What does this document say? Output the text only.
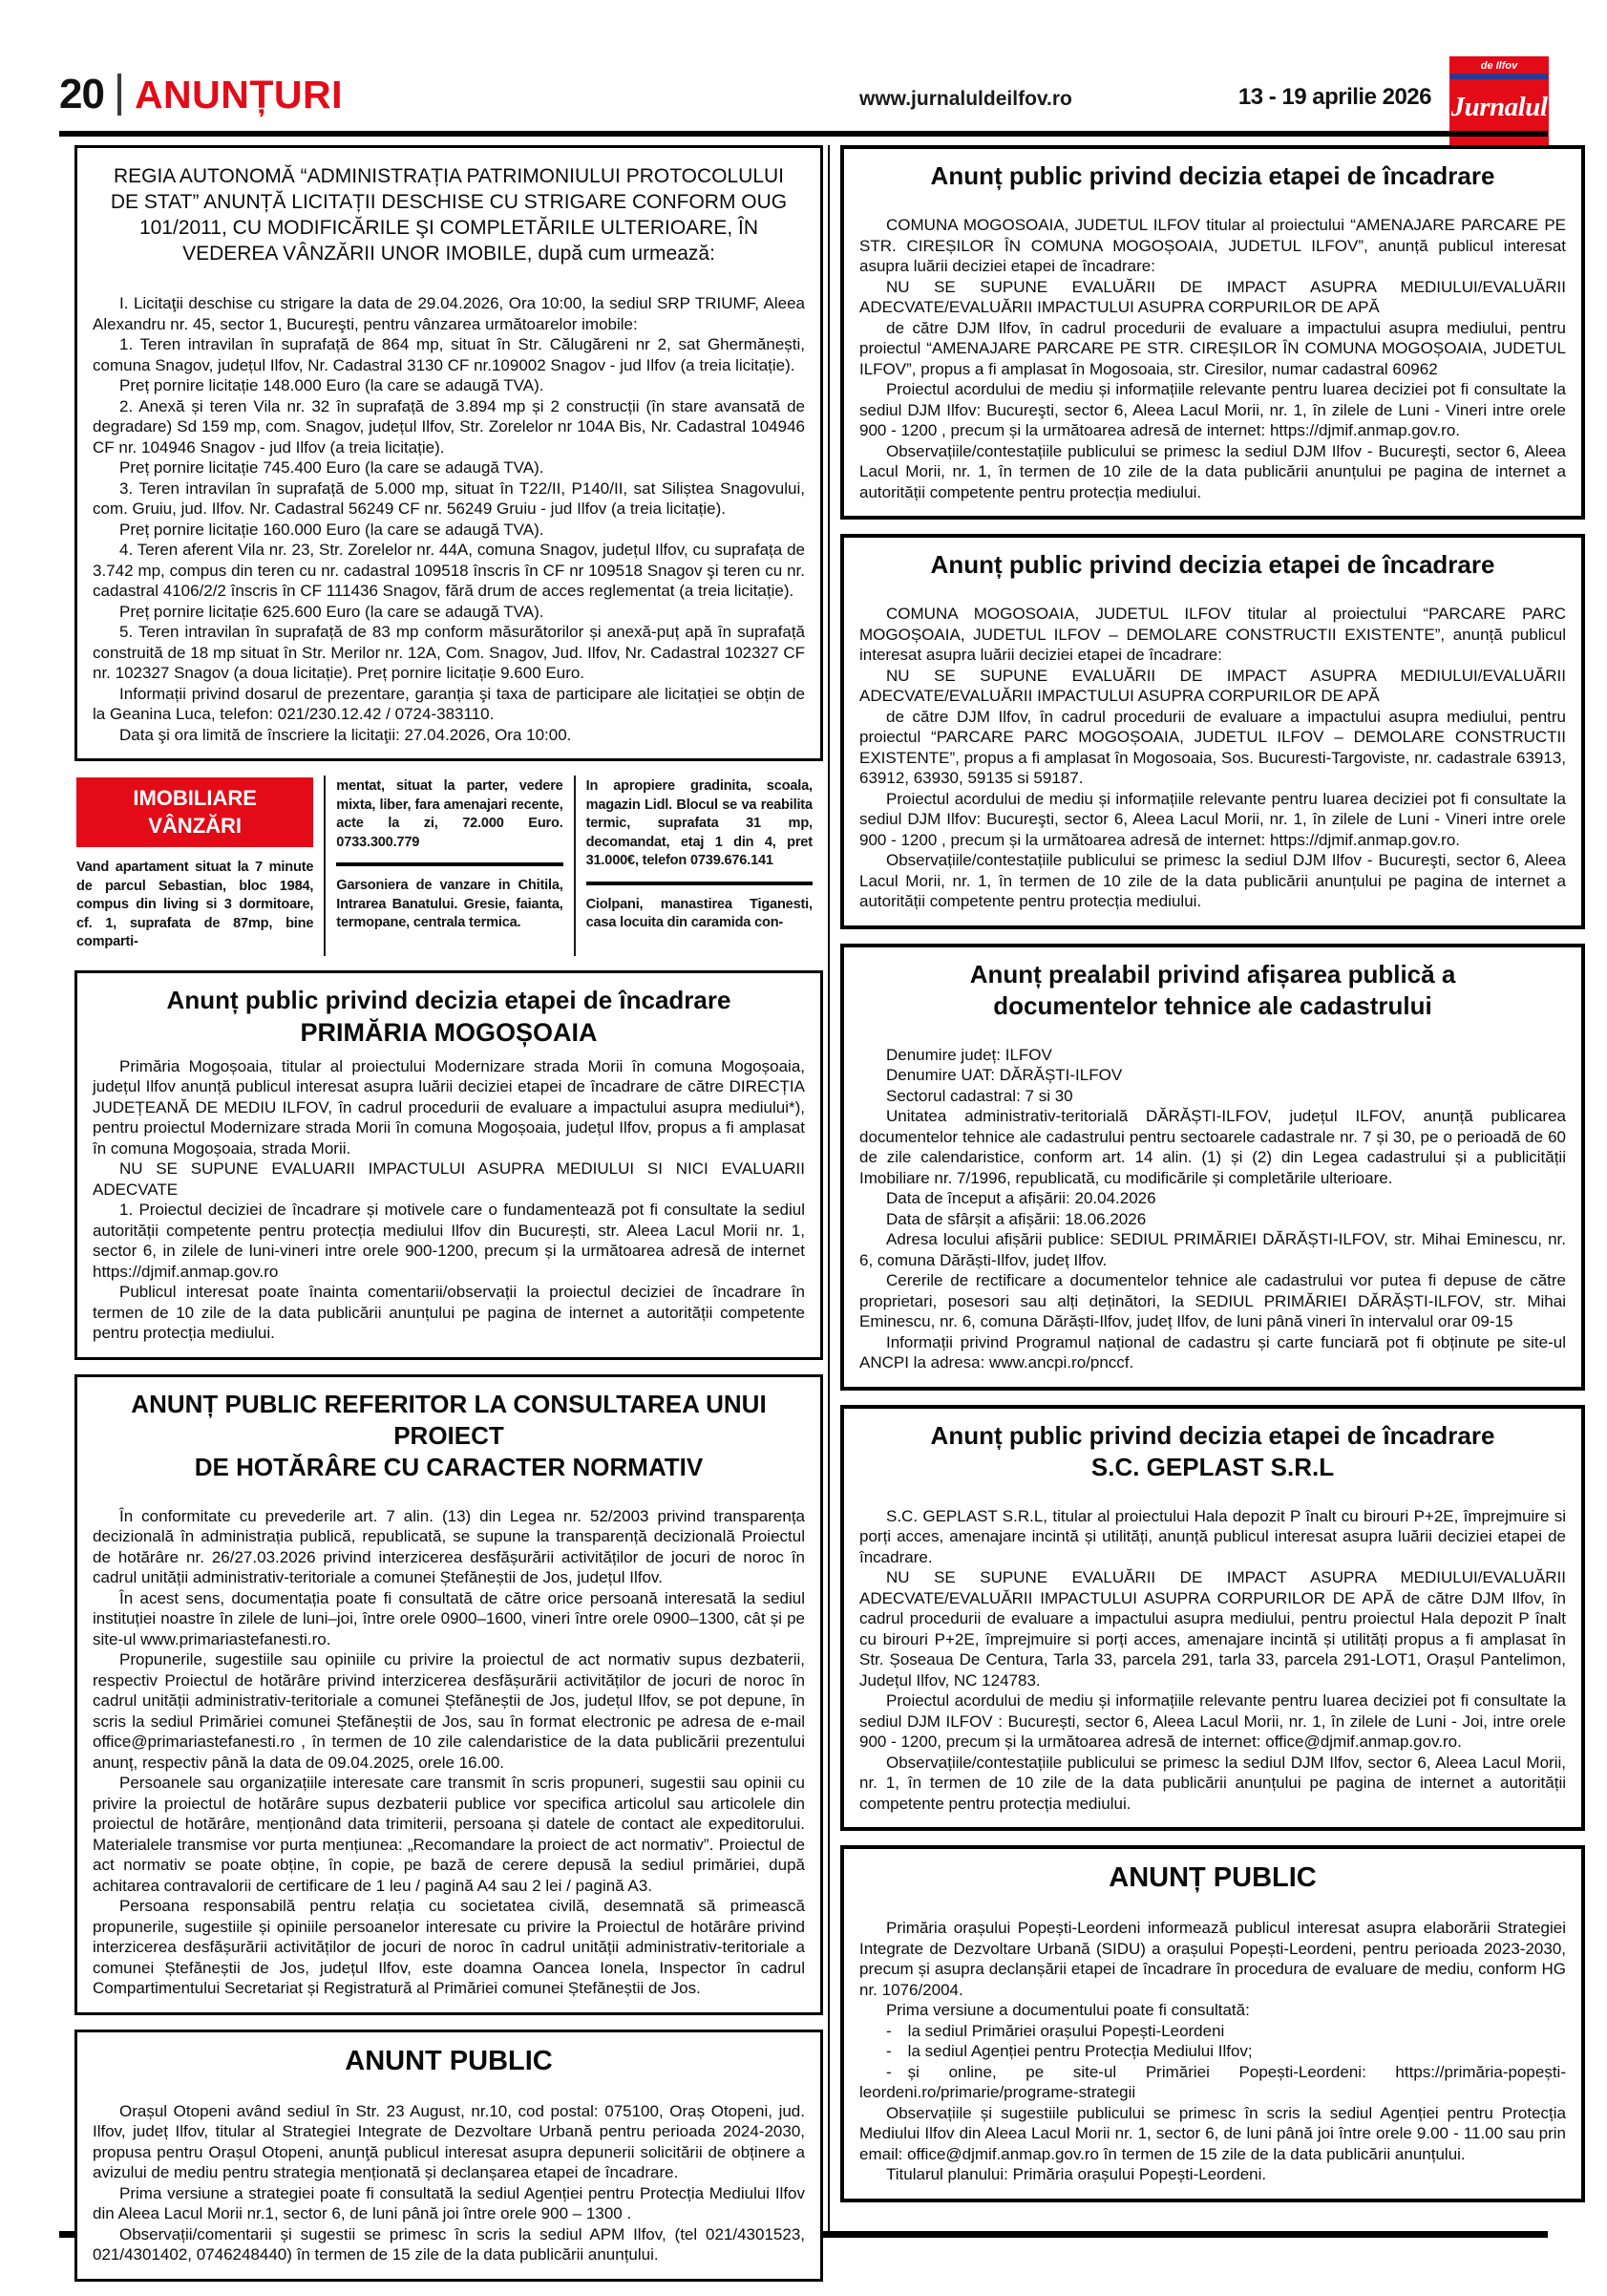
20 ANUNȚURI	www.jurnaluldeilfov.ro	13 - 19 aprilie 2026
de Ilfov
Jurnalul

REGIA AUTONOMĂ “ADMINISTRAȚIA PATRIMONIULUI PROTOCOLULUI DE STAT” ANUNȚĂ LICITAȚII DESCHISE CU STRIGARE CONFORM OUG 101/2011, CU MODIFICĂRILE ŞI COMPLETĂRILE ULTERIOARE, ÎN VEDEREA VÂNZĂRII UNOR IMOBILE, după cum urmează:

I. Licitaţii deschise cu strigare la data de 29.04.2026, Ora 10:00, la sediul SRP TRIUMF, Aleea Alexandru nr. 45, sector 1, Bucureşti, pentru vânzarea următoarelor imobile:

1. Teren intravilan în suprafață de 864 mp, situat în Str. Călugăreni nr 2, sat Ghermănești, comuna Snagov, județul Ilfov, Nr. Cadastral 3130 CF nr.109002 Snagov - jud Ilfov (a treia licitație).

Preț pornire licitație 148.000 Euro (la care se adaugă TVA).

2. Anexă și teren Vila nr. 32 în suprafață de 3.894 mp și 2 construcții (în stare avansată de degradare) Sd 159 mp, com. Snagov, județul Ilfov, Str. Zorelelor nr 104A Bis, Nr. Cadastral 104946 CF nr. 104946 Snagov - jud Ilfov (a treia licitație).

Preț pornire licitație 745.400 Euro (la care se adaugă TVA).

3. Teren intravilan în suprafață de 5.000 mp, situat în T22/II, P140/II, sat Siliștea Snagovului, com. Gruiu, jud. Ilfov. Nr. Cadastral 56249 CF nr. 56249 Gruiu - jud Ilfov (a treia licitație).

Preț pornire licitație 160.000 Euro (la care se adaugă TVA).

4. Teren aferent Vila nr. 23, Str. Zorelelor nr. 44A, comuna Snagov, județul Ilfov, cu suprafața de 3.742 mp, compus din teren cu nr. cadastral 109518 înscris în CF nr 109518 Snagov şi teren cu nr. cadastral 4106/2/2 înscris în CF 111436 Snagov, fără drum de acces reglementat (a treia licitație).

Preț pornire licitație 625.600 Euro (la care se adaugă TVA).

5. Teren intravilan în suprafață de 83 mp conform măsurătorilor și anexă-puț apă în suprafață construită de 18 mp situat în Str. Merilor nr. 12A, Com. Snagov, Jud. Ilfov, Nr. Cadastral 102327 CF nr. 102327 Snagov (a doua licitație). Preț pornire licitație 9.600 Euro.

Informații privind dosarul de prezentare, garanția şi taxa de participare ale licitației se obțin de la Geanina Luca, telefon: 021/230.12.42 / 0724-383110.

Data şi ora limită de înscriere la licitaţii: 27.04.2026, Ora 10:00.

IMOBILIARE
VÂNZĂRI

Vand apartament situat la 7 minute de parcul Sebastian, bloc 1984, compus din living si 3 dormitoare, cf. 1, suprafata de 87mp, bine comparti-

mentat, situat la parter, vedere mixta, liber, fara amenajari recente, acte la zi, 72.000 Euro. 0733.300.779

Garsoniera de vanzare in Chitila, Intrarea Banatului. Gresie, faianta, termopane, centrala termica.

In apropiere gradinita, scoala, magazin Lidl. Blocul se va reabilita termic, suprafata 31 mp, decomandat, etaj 1 din 4, pret 31.000€, telefon 0739.676.141

Ciolpani, manastirea Tiganesti, casa locuita din caramida con-

Anunț public privind decizia etapei de încadrare
PRIMĂRIA MOGOȘOAIA

Primăria Mogoșoaia, titular al proiectului Modernizare strada Morii în comuna Mogoșoaia, județul Ilfov anunță publicul interesat asupra luării deciziei etapei de încadrare de către DIRECȚIA JUDEȚEANĂ DE MEDIU ILFOV, în cadrul procedurii de evaluare a impactului asupra mediului*), pentru proiectul Modernizare strada Morii în comuna Mogoșoaia, județul Ilfov, propus a fi amplasat în comuna Mogoșoaia, strada Morii.

NU SE SUPUNE EVALUARII IMPACTULUI ASUPRA MEDIULUI SI NICI EVALUARII ADECVATE

1. Proiectul deciziei de încadrare și motivele care o fundamentează pot fi consultate la sediul autorității competente pentru protecția mediului Ilfov din București, str. Aleea Lacul Morii nr. 1, sector 6, in zilele de luni-vineri intre orele 900-1200, precum și la următoarea adresă de internet https://djmif.anmap.gov.ro

Publicul interesat poate înainta comentarii/observații la proiectul deciziei de încadrare în termen de 10 zile de la data publicării anunțului pe pagina de internet a autorității competente pentru protecția mediului.

ANUNȚ PUBLIC REFERITOR LA CONSULTAREA UNUI PROIECT
DE HOTĂRÂRE CU CARACTER NORMATIV

În conformitate cu prevederile art. 7 alin. (13) din Legea nr. 52/2003 privind transparența decizională în administrația publică, republicată, se supune la transparență decizională Proiectul de hotărâre nr. 26/27.03.2026 privind interzicerea desfășurării activităților de jocuri de noroc în cadrul unității administrativ-teritoriale a comunei Ștefăneștii de Jos, județul Ilfov.

În acest sens, documentația poate fi consultată de către orice persoană interesată la sediul instituției noastre în zilele de luni–joi, între orele 0900–1600, vineri între orele 0900–1300, cât și pe site-ul www.primariastefanesti.ro.

Propunerile, sugestiile sau opiniile cu privire la proiectul de act normativ supus dezbaterii, respectiv Proiectul de hotărâre privind interzicerea desfășurării activităților de jocuri de noroc în cadrul unității administrativ-teritoriale a comunei Ștefăneștii de Jos, județul Ilfov, se pot depune, în scris la sediul Primăriei comunei Ștefăneștii de Jos, sau în format electronic pe adresa de e-mail office@primariastefanesti.ro , în termen de 10 zile calendaristice de la data publicării prezentului anunț, respectiv până la data de 09.04.2025, orele 16.00.

Persoanele sau organizațiile interesate care transmit în scris propuneri, sugestii sau opinii cu privire la proiectul de hotărâre supus dezbaterii publice vor specifica articolul sau articolele din proiectul de hotărâre, menționând data trimiterii, persoana și datele de contact ale expeditorului. Materialele transmise vor purta mențiunea: „Recomandare la proiect de act normativ”. Proiectul de act normativ se poate obține, în copie, pe bază de cerere depusă la sediul primăriei, după achitarea contravalorii de certificare de 1 leu / pagină A4 sau 2 lei / pagină A3.

Persoana responsabilă pentru relația cu societatea civilă, desemnată să primească propunerile, sugestiile și opiniile persoanelor interesate cu privire la Proiectul de hotărâre privind interzicerea desfășurării activităților de jocuri de noroc în cadrul unității administrativ-teritoriale a comunei Ștefăneștii de Jos, județul Ilfov, este doamna Oancea Ionela, Inspector în cadrul Compartimentului Secretariat și Registratură al Primăriei comunei Ștefăneștii de Jos.

ANUNT PUBLIC

Orașul Otopeni având sediul în Str. 23 August, nr.10, cod postal: 075100, Oraș Otopeni, jud. Ilfov, județ Ilfov, titular al Strategiei Integrate de Dezvoltare Urbană pentru perioada 2024-2030, propusa pentru Orașul Otopeni, anunţă publicul interesat asupra depunerii solicitării de obținere a avizului de mediu pentru strategia menționată și declanșarea etapei de încadrare.

Prima versiune a strategiei poate fi consultată la sediul Agenției pentru Protecția Mediului Ilfov din Aleea Lacul Morii nr.1, sector 6, de luni până joi între orele 900 – 1300 .

Observații/comentarii și sugestii se primesc în scris la sediul APM Ilfov, (tel 021/4301523, 021/4301402, 0746248440) în termen de 15 zile de la data publicării anunțului.

Anunț public privind decizia etapei de încadrare

COMUNA MOGOSOAIA, JUDETUL ILFOV titular al proiectului “AMENAJARE PARCARE PE STR. CIREȘILOR ÎN COMUNA MOGOȘOAIA, JUDETUL ILFOV”, anunță publicul interesat asupra luării deciziei etapei de încadrare:

NU SE SUPUNE EVALUĂRII DE IMPACT ASUPRA MEDIULUI/EVALUĂRII ADECVATE/EVALUĂRII IMPACTULUI ASUPRA CORPURILOR DE APĂ

de către DJM Ilfov, în cadrul procedurii de evaluare a impactului asupra mediului, pentru proiectul “AMENAJARE PARCARE PE STR. CIREȘILOR ÎN COMUNA MOGOȘOAIA, JUDETUL ILFOV”, propus a fi amplasat în Mogosoaia, str. Ciresilor, numar cadastral 60962

Proiectul acordului de mediu și informațiile relevante pentru luarea deciziei pot fi consultate la sediul DJM Ilfov: Bucureşti, sector 6, Aleea Lacul Morii, nr. 1, în zilele de Luni - Vineri intre orele 900 - 1200 , precum și la următoarea adresă de internet: https://djmif.anmap.gov.ro.

Observațiile/contestațiile publicului se primesc la sediul DJM Ilfov - Bucureşti, sector 6, Aleea Lacul Morii, nr. 1, în termen de 10 zile de la data publicării anunțului pe pagina de internet a autorității competente pentru protecția mediului.

Anunț public privind decizia etapei de încadrare

COMUNA MOGOSOAIA, JUDETUL ILFOV titular al proiectului “PARCARE PARC MOGOȘOAIA, JUDETUL ILFOV – DEMOLARE CONSTRUCTII EXISTENTE”, anunță publicul interesat asupra luării deciziei etapei de încadrare:

NU SE SUPUNE EVALUĂRII DE IMPACT ASUPRA MEDIULUI/EVALUĂRII ADECVATE/EVALUĂRII IMPACTULUI ASUPRA CORPURILOR DE APĂ

de către DJM Ilfov, în cadrul procedurii de evaluare a impactului asupra mediului, pentru proiectul “PARCARE PARC MOGOȘOAIA, JUDETUL ILFOV – DEMOLARE CONSTRUCTII EXISTENTE”, propus a fi amplasat în Mogosoaia, Sos. Bucuresti-Targoviste, nr. cadastrale 63913, 63912, 63930, 59135 si 59187.

Proiectul acordului de mediu și informațiile relevante pentru luarea deciziei pot fi consultate la sediul DJM Ilfov: Bucureşti, sector 6, Aleea Lacul Morii, nr. 1, în zilele de Luni - Vineri intre orele 900 - 1200 , precum și la următoarea adresă de internet: https://djmif.anmap.gov.ro.

Observațiile/contestațiile publicului se primesc la sediul DJM Ilfov - Bucureşti, sector 6, Aleea Lacul Morii, nr. 1, în termen de 10 zile de la data publicării anunțului pe pagina de internet a autorității competente pentru protecția mediului.

Anunț prealabil privind afișarea publică a
documentelor tehnice ale cadastrului

Denumire județ: ILFOV

Denumire UAT: DĂRĂȘTI-ILFOV

Sectorul cadastral: 7 si 30

Unitatea administrativ-teritorială DĂRĂȘTI-ILFOV, județul ILFOV, anunță publicarea documentelor tehnice ale cadastrului pentru sectoarele cadastrale nr. 7 și 30, pe o perioadă de 60 de zile calendaristice, conform art. 14 alin. (1) și (2) din Legea cadastrului și a publicității Imobiliare nr. 7/1996, republicată, cu modificările și completările ulterioare.

Data de început a afișării: 20.04.2026

Data de sfârșit a afișării: 18.06.2026

Adresa locului afișării publice: SEDIUL PRIMĂRIEI DĂRĂȘTI-ILFOV, str. Mihai Eminescu, nr. 6, comuna Dărăști-Ilfov, județ Ilfov.

Cererile de rectificare a documentelor tehnice ale cadastrului vor putea fi depuse de către proprietari, posesori sau alți deținători, la SEDIUL PRIMĂRIEI DĂRĂȘTI-ILFOV, str. Mihai Eminescu, nr. 6, comuna Dărăști-Ilfov, județ Ilfov, de luni până vineri în intervalul orar 09-15

Informații privind Programul național de cadastru și carte funciară pot fi obținute pe site-ul ANCPI la adresa: www.ancpi.ro/pnccf.

Anunț public privind decizia etapei de încadrare
S.C. GEPLAST S.R.L

S.C. GEPLAST S.R.L, titular al proiectului Hala depozit P înalt cu birouri P+2E, împrejmuire si porți acces, amenajare incintă și utilități, anunță publicul interesat asupra luării deciziei etapei de încadrare.

NU SE SUPUNE EVALUĂRII DE IMPACT ASUPRA MEDIULUI/EVALUĂRII ADECVATE/EVALUĂRII IMPACTULUI ASUPRA CORPURILOR DE APĂ de către DJM Ilfov, în cadrul procedurii de evaluare a impactului asupra mediului, pentru proiectul Hala depozit P înalt cu birouri P+2E, împrejmuire si porți acces, amenajare incintă și utilități propus a fi amplasat în Str. Șoseaua De Centura, Tarla 33, parcela 291, tarla 33, parcela 291-LOT1, Orașul Pantelimon, Județul Ilfov, NC 124783.

Proiectul acordului de mediu și informațiile relevante pentru luarea deciziei pot fi consultate la sediul DJM ILFOV : București, sector 6, Aleea Lacul Morii, nr. 1, în zilele de Luni - Joi, intre orele 900 - 1200, precum și la următoarea adresă de internet: office@djmif.anmap.gov.ro.

Observațiile/contestațiile publicului se primesc la sediul DJM Ilfov, sector 6, Aleea Lacul Morii, nr. 1, în termen de 10 zile de la data publicării anunțului pe pagina de internet a autorității competente pentru protecția mediului.

ANUNȚ PUBLIC

Primăria orașului Popești-Leordeni informează publicul interesat asupra elaborării Strategiei Integrate de Dezvoltare Urbană (SIDU) a orașului Popești-Leordeni, pentru perioada 2023-2030, precum și asupra declanșării etapei de încadrare în procedura de evaluare de mediu, conform HG nr. 1076/2004.

Prima versiune a documentului poate fi consultată:

- la sediul Primăriei orașului Popești-Leordeni

- la sediul Agenției pentru Protecția Mediului Ilfov;

- și online, pe site-ul Primăriei Popești-Leordeni: https://primăria-popești-leordeni.ro/primarie/programe-strategii

Observațiile și sugestiile publicului se primesc în scris la sediul Agenției pentru Protecția Mediului Ilfov din Aleea Lacul Morii nr. 1, sector 6, de luni până joi între orele 9.00 - 11.00 sau prin email: office@djmif.anmap.gov.ro în termen de 15 zile de la data publicării anunțului.

Titularul planului: Primăria orașului Popești-Leordeni.
